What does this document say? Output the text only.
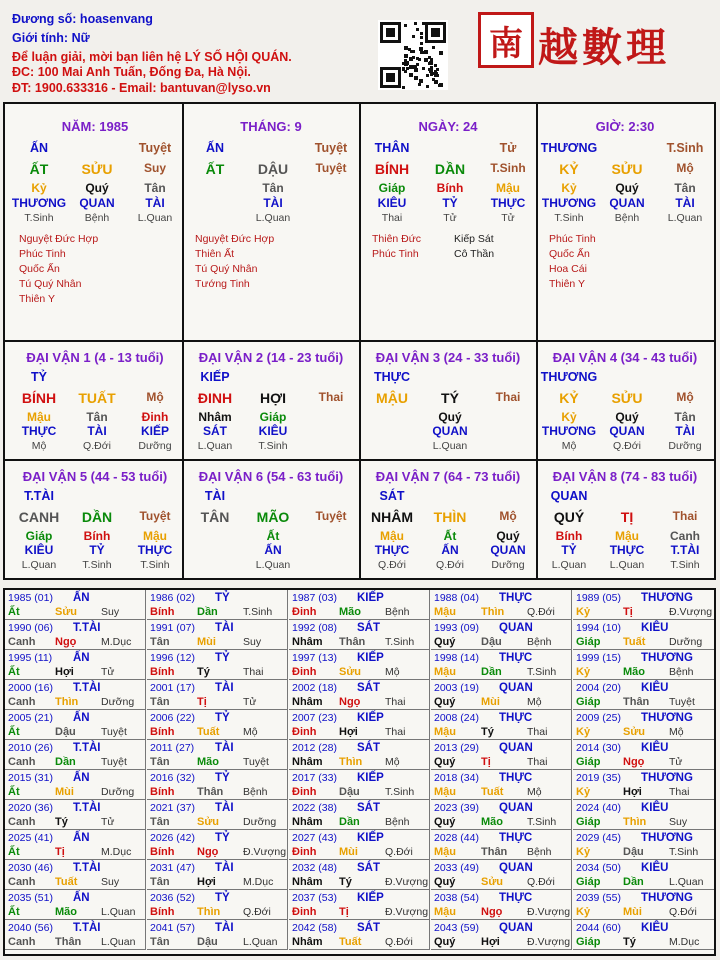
Đương số: hoasenvang
Giới tính: Nữ
Để luận giải, mời bạn liên hệ LÝ SỐ HỘI QUÁN.
ĐC: 100 Mai Anh Tuấn, Đống Đa, Hà Nội.
ĐT: 1900.633316 - Email: bantuvan@lyso.vn
南 越數理
NĂM: 1985
ẤN	Tuyệt
ẤT	SỬU	Suy
Kỷ	Quý	Tân
THƯƠNG	QUAN	TÀI
T.Sinh	Bệnh	L.Quan
Nguyệt Đức Hợp
Phúc Tinh
Quốc Ấn
Tú Quý Nhân
Thiên Y
THÁNG: 9
ẤN	Tuyệt
ẤT	DẬU	Tuyệt
Tân
TÀI
L.Quan
Nguyệt Đức Hợp
Thiên Ất
Tú Quý Nhân
Tướng Tinh
NGÀY: 24
THÂN	Tử
BÍNH	DẦN	T.Sinh
Giáp	Bính	Mậu
KIÊU	TỶ	THỰC
Thai	Tử	Tử
Thiên Đức
Phúc Tinh
Kiếp Sát
Cô Thần
GIỜ: 2:30
THƯƠNG	T.Sinh
KỶ	SỬU	Mộ
Kỷ	Quý	Tân
THƯƠNG	QUAN	TÀI
T.Sinh	Bệnh	L.Quan
Phúc Tinh
Quốc Ấn
Hoa Cái
Thiên Y
ĐẠI VẬN 1 (4 - 13 tuổi)
TỶ
BÍNH	TUẤT	Mộ
Mậu	Tân	Đinh
THỰC	TÀI	KIẾP
Mộ	Q.Đới	Dưỡng
ĐẠI VẬN 2 (14 - 23 tuổi)
KIẾP
ĐINH	HỢI	Thai
Nhâm	Giáp
SÁT	KIÊU
L.Quan	T.Sinh
ĐẠI VẬN 3 (24 - 33 tuổi)
THỰC
MẬU	TÝ	Thai
Quý
QUAN
L.Quan
ĐẠI VẬN 4 (34 - 43 tuổi)
THƯƠNG
KỶ	SỬU	Mộ
Kỷ	Quý	Tân
THƯƠNG	QUAN	TÀI
Mộ	Q.Đới	Dưỡng
ĐẠI VẬN 5 (44 - 53 tuổi)
T.TÀI
CANH	DẦN	Tuyệt
Giáp	Bính	Mậu
KIÊU	TỶ	THỰC
L.Quan	T.Sinh	T.Sinh
ĐẠI VẬN 6 (54 - 63 tuổi)
TÀI
TÂN	MÃO	Tuyệt
Ất
ẤN
L.Quan
ĐẠI VẬN 7 (64 - 73 tuổi)
SÁT
NHÂM	THÌN	Mộ
Mậu	Ất	Quý
THỰC	ẤN	QUAN
Q.Đới	Q.Đới	Dưỡng
ĐẠI VẬN 8 (74 - 83 tuổi)
QUAN
QUÝ	TỊ	Thai
Bính	Mậu	Canh
TỶ	THỰC	T.TÀI
L.Quan	L.Quan	T.Sinh
1985 (01) ẤN
Ất	Sửu Suy
1986 (02) TỶ
Bính Dần T.Sinh
1987 (03) KIẾP
Đinh Mão Bệnh
1988 (04) THỰC
Mậu Thìn Q.Đới
1989 (05) THƯƠNG
Kỷ	Tị	Đ.Vượng
1990 (06) T.TÀI
Canh Ngọ M.Dục
1991 (07) TÀI
Tân Mùi	Suy
1992 (08) SÁT
Nhâm Thân T.Sinh
1993 (09) QUAN
Quý Dậu Bệnh
1994 (10) KIÊU
Giáp Tuất Dưỡng
1995 (11) ẤN
Ất	Hợi	Tử
1996 (12) TỶ
Bính Tý	Thai
1997 (13) KIẾP
Đinh Sửu Mộ
1998 (14) THỰC
Mậu Dần T.Sinh
1999 (15) THƯƠNG
Kỷ	Mão Bệnh
2000 (16) T.TÀI
Canh Thìn Dưỡng
2001 (17) TÀI
Tân Tị	Tử
2002 (18) SÁT
Nhâm Ngọ Thai
2003 (19) QUAN
Quý Mùi	Mộ
2004 (20) KIÊU
Giáp Thân Tuyệt
2005 (21) ẤN
Ất	Dậu Tuyệt
2006 (22) TỶ
Bính Tuất Mộ
2007 (23) KIẾP
Đinh Hợi	Thai
2008 (24) THỰC
Mậu Tý	Thai
2009 (25) THƯƠNG
Kỷ	Sửu Mộ
2010 (26) T.TÀI
Canh Dần Tuyệt
2011 (27) TÀI
Tân Mão Tuyệt
2012 (28) SÁT
Nhâm Thìn Mộ
2013 (29) QUAN
Quý Tị	Thai
2014 (30) KIÊU
Giáp Ngọ Tử
2015 (31) ẤN
Ất	Mùi	Dưỡng
2016 (32) TỶ
Bính Thân Bệnh
2017 (33) KIẾP
Đinh Dậu T.Sinh
2018 (34) THỰC
Mậu Tuất Mộ
2019 (35) THƯƠNG
Kỷ	Hợi	Thai
2020 (36) T.TÀI
Canh Tý	Tử
2021 (37) TÀI
Tân Sửu Dưỡng
2022 (38) SÁT
Nhâm Dần Bệnh
2023 (39) QUAN
Quý Mão T.Sinh
2024 (40) KIÊU
Giáp Thìn Suy
2025 (41) ẤN
Ất	Tị	M.Dục
2026 (42) TỶ
Bính Ngọ Đ.Vượng
2027 (43) KIẾP
Đinh Mùi	Q.Đới
2028 (44) THỰC
Mậu Thân Bệnh
2029 (45) THƯƠNG
Kỷ	Dậu T.Sinh
2030 (46) T.TÀI
Canh Tuất Suy
2031 (47) TÀI
Tân Hợi	M.Dục
2032 (48) SÁT
Nhâm Tý	Đ.Vượng
2033 (49) QUAN
Quý Sửu Q.Đới
2034 (50) KIÊU
Giáp Dần L.Quan
2035 (51) ẤN
Ất	Mão L.Quan
2036 (52) TỶ
Bính Thìn Q.Đới
2037 (53) KIẾP
Đinh Tị	Đ.Vượng
2038 (54) THỰC
Mậu Ngọ Đ.Vượng
2039 (55) THƯƠNG
Kỷ	Mùi	Q.Đới
2040 (56) T.TÀI
Canh Thân L.Quan
2041 (57) TÀI
Tân Dậu L.Quan
2042 (58) SÁT
Nhâm Tuất Q.Đới
2043 (59) QUAN
Quý Hợi	Đ.Vượng
2044 (60) KIÊU
Giáp Tý	M.Dục
